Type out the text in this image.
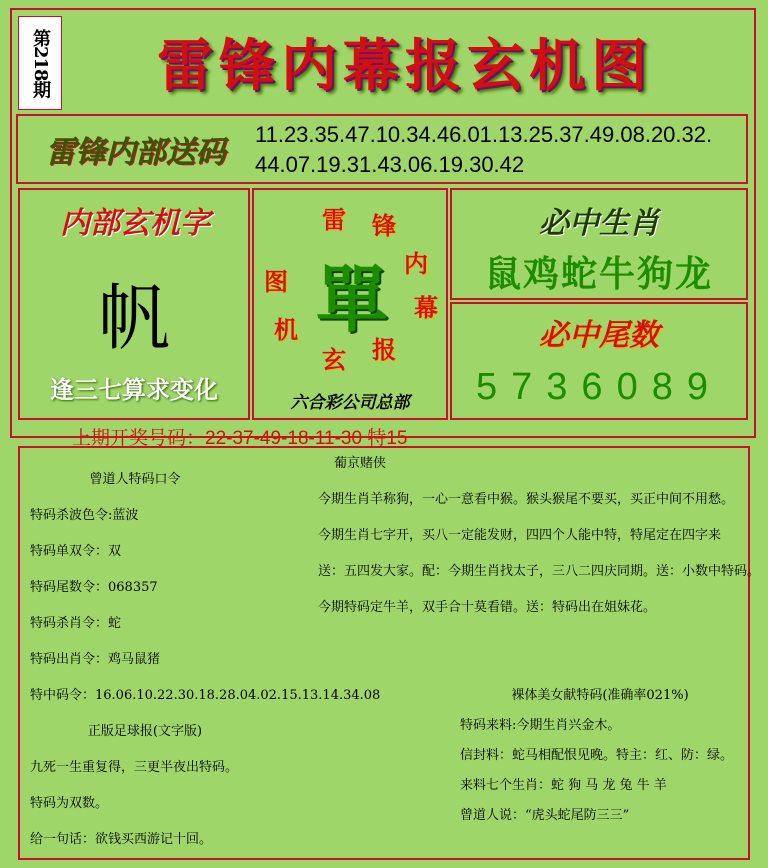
第218期	雷锋内幕报玄机图
雷锋内部送码
11.23.35.47.10.34.46.01.13.25.37.49.08.20.32.
44.07.19.31.43.06.19.30.42
内部玄机字
帆
逢三七算求变化
雷 锋
内
幕
报
玄
机
图 單
六合彩公司总部
必中生肖
鼠鸡蛇牛狗龙
必中尾数
5736089
上期开奖号码：22-37-49-18-11-30 特15
曾道人特码口令
特码杀波色令:蓝波
特码单双令：双
特码尾数令：068357
特码杀肖令：蛇
特码出肖令：鸡马鼠猪
特中码令：16.06.10.22.30.18.28.04.02.15.13.14.34.08
正版足球报(文字版)
九死一生重复得，三更半夜出特码。
特码为双数。
给一句话：欲钱买西游记十回。
葡京赌侠
今期生肖羊称狗，一心一意看中猴。猴头猴尾不要买，买正中间不用愁。
今期生肖七字开，买八一定能发财，四四个人能中特，特尾定在四字来
送：五四发大家。配：今期生肖找太子，三八二四庆同期。送：小数中特码。
今期特码定牛羊，双手合十莫看错。送：特码出在姐妹花。
裸体美女献特码(准确率021%)
特码来料:今期生肖兴金木。
信封料：蛇马相配恨见晚。特主：红、防：绿。
来料七个生肖：蛇 狗 马 龙 兔 牛 羊
曾道人说：“虎头蛇尾防三三”
